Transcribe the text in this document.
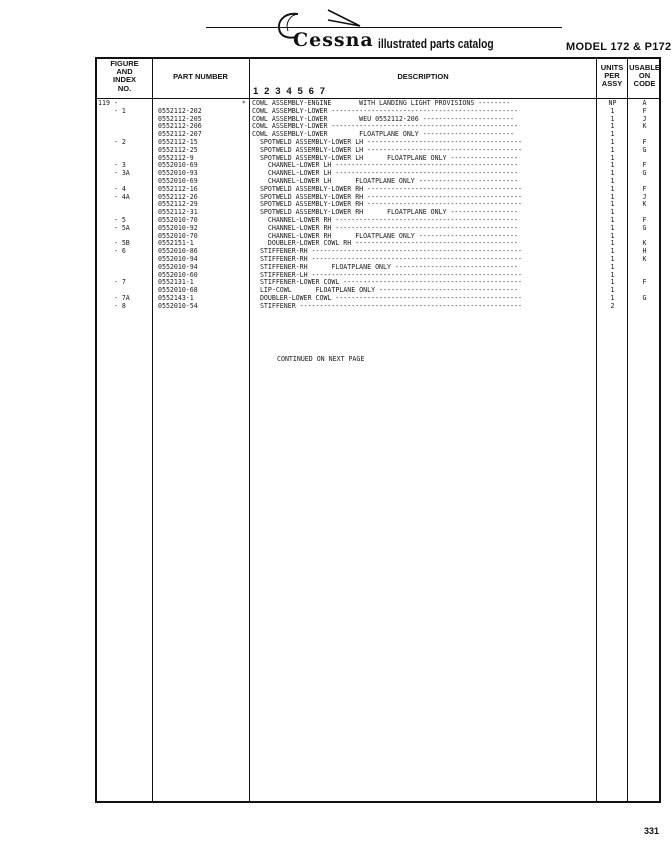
Cessna illustrated parts catalog	MODEL 172 & P172
FIGURE
AND
INDEX
NO.
PART NUMBER	DESCRIPTION
1 2 3 4 5 6 7
UNITS
PER
ASSY
USABLE
ON
CODE
119 -	* COWL ASSEMBLY-ENGINE       WITH LANDING LIGHT PROVISIONS --------	NP	A
- 1	0552112-202	COWL ASSEMBLY-LOWER -----------------------------------------------	1	F
0552112-205	COWL ASSEMBLY-LOWER        WEU 0552112-206 -----------------------	1	J
0552112-206	COWL ASSEMBLY-LOWER -----------------------------------------------	1	K
0552112-207	COWL ASSEMBLY-LOWER        FLOATPLANE ONLY -----------------------	1
- 2	0552112-15	SPOTWELD ASSEMBLY-LOWER LH ---------------------------------------	1	F
0552112-25	SPOTWELD ASSEMBLY-LOWER LH ---------------------------------------	1	G
0552112-9	SPOTWELD ASSEMBLY-LOWER LH      FLOATPLANE ONLY -----------------	1
- 3	0552010-69	CHANNEL-LOWER LH ----------------------------------------------	1	F
- 3A	0552010-93	CHANNEL-LOWER LH ----------------------------------------------	1	G
0552010-69	CHANNEL-LOWER LH      FLOATPLANE ONLY -------------------------	1
- 4	0552112-16	SPOTWELD ASSEMBLY-LOWER RH ---------------------------------------	1	F
- 4A	0552112-26	SPOTWELD ASSEMBLY-LOWER RH ---------------------------------------	1	J
0552112-29	SPOTWELD ASSEMBLY-LOWER RH ---------------------------------------	1	K
0552112-31	SPOTWELD ASSEMBLY-LOWER RH      FLOATPLANE ONLY -----------------	1
- 5	0552010-70	CHANNEL-LOWER RH ----------------------------------------------	1	F
- 5A	0552010-92	CHANNEL-LOWER RH ----------------------------------------------	1	G
0552010-70	CHANNEL-LOWER RH      FLOATPLANE ONLY -------------------------	1
- 5B	0552151-1	DOUBLER-LOWER COWL RH -----------------------------------------	1	K
- 6	0552010-86	STIFFENER-RH -----------------------------------------------------	1	H
0552010-94	STIFFENER-RH -----------------------------------------------------	1	K
0552010-94	STIFFENER-RH      FLOATPLANE ONLY -------------------------------	1
0552010-60	STIFFENER-LH -----------------------------------------------------	1
- 7	0552131-1	STIFFENER-LOWER COWL ---------------------------------------------	1	F
0552010-68	LIP-COWL      FLOATPLANE ONLY -----------------------------------	1
- 7A	0552143-1	DOUBLER-LOWER COWL -----------------------------------------------	1	G
- 8	0552010-54	STIFFENER --------------------------------------------------------	2
CONTINUED ON NEXT PAGE
331
